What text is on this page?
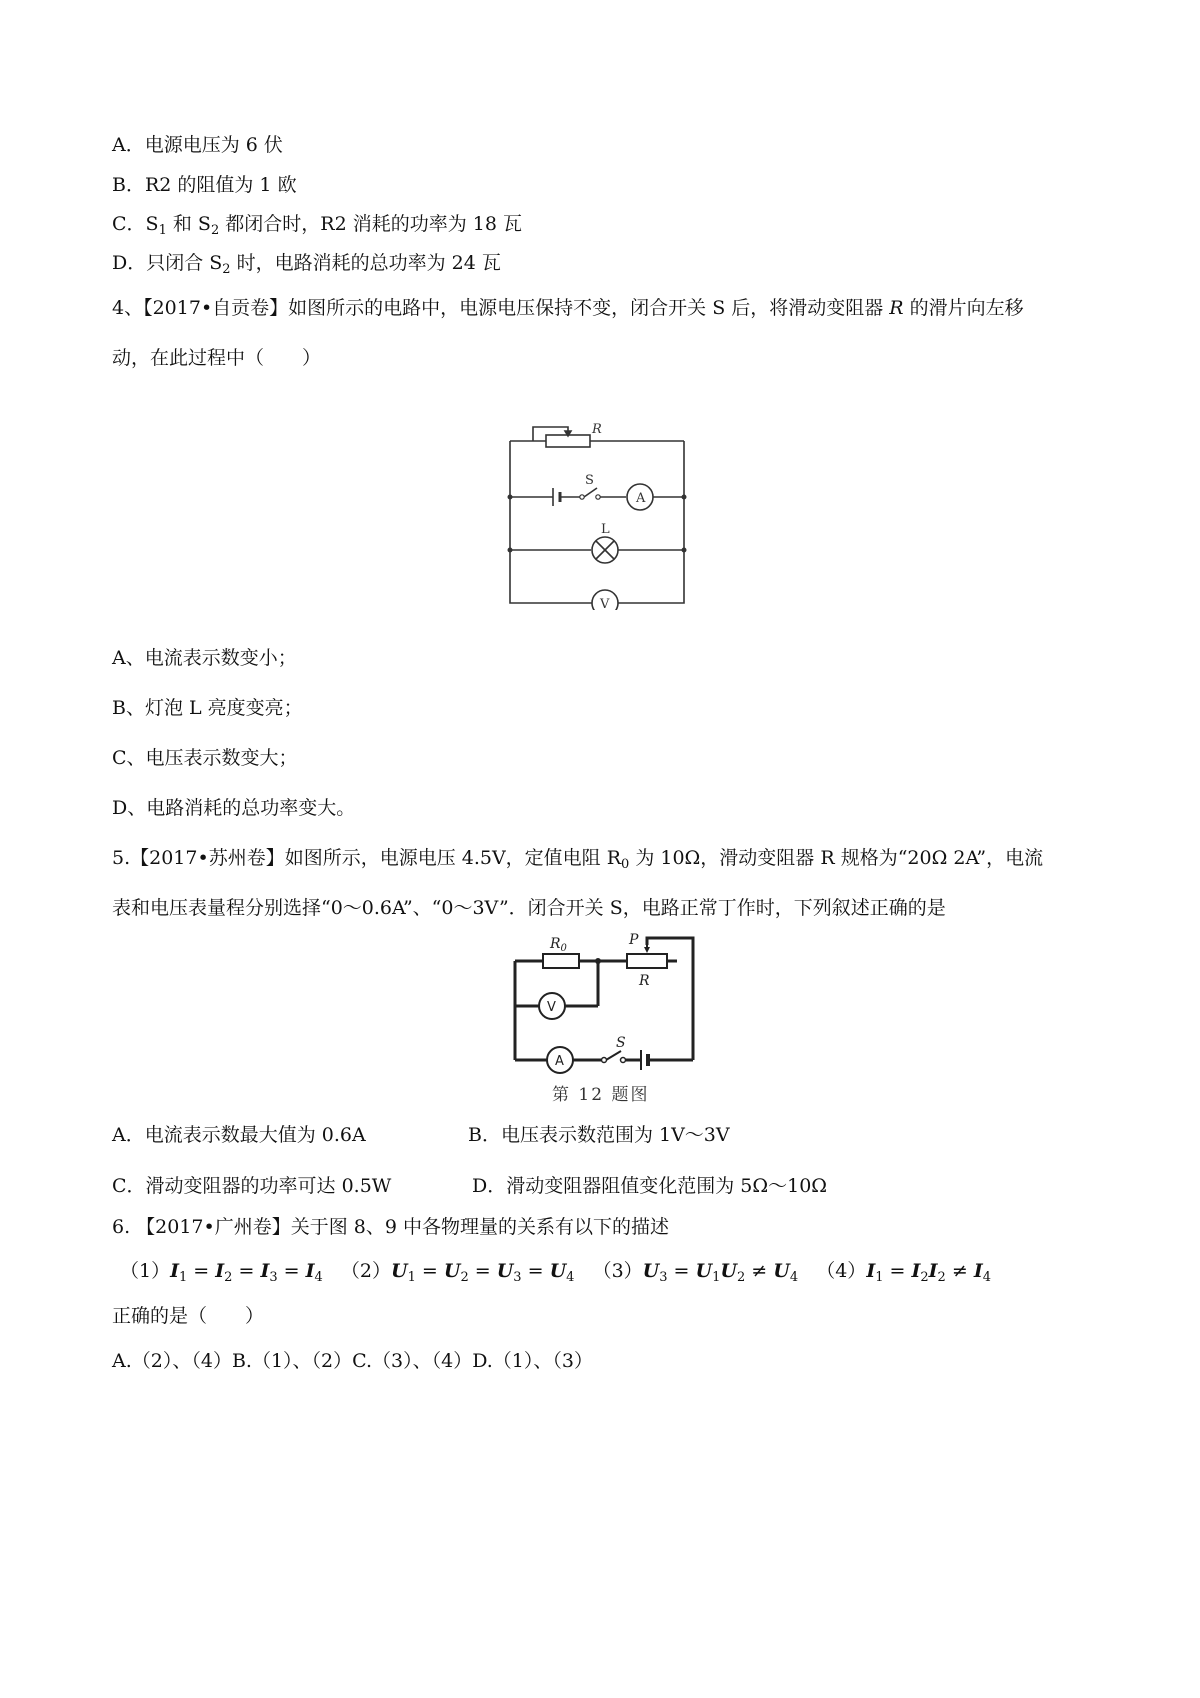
A．电源电压为 6 伏
B．R2 的阻值为 1 欧
C．$S_1$ 和 $S_2$ 都闭合时，R2 消耗的功率为 18 瓦
D．只闭合 $S_2$ 时，电路消耗的总功率为 24 瓦
4、【2017•自贡卷】如图所示的电路中，电源电压保持不变，闭合开关 S 后，将滑动变阻器 R 的滑片向左移
动，在此过程中（　　）
R
S
A
L
V
A、电流表示数变小；
B、灯泡 L 亮度变亮；
C、电压表示数变大；
D、电路消耗的总功率变大。
5.【2017•苏州卷】如图所示，电源电压 4.5V，定值电阻 $R_0$ 为 10Ω，滑动变阻器 R 规格为“20Ω 2A”，电流
表和电压表量程分别选择“0～0.6A”、“0～3V”．闭合开关 S，电路正常丁作时，下列叙述正确的是
$R_0$
P
R
S
V
A
第 12 题图
A．电流表示数最大值为 0.6A	B．电压表示数范围为 1V～3V
C．滑动变阻器的功率可达 0.5W	D．滑动变阻器阻值变化范围为 5Ω～10Ω
6. 【2017•广州卷】关于图 8、9 中各物理量的关系有以下的描述
$(1)I_1 = I_2 = I_3 = I_4$ $(2)U_1 = U_2 = U_3 = U_4$ $(3)U_3 = U_1U_2 \ne U_4$ $(4)I_1 = I_2I_2 \ne I_4$
正确的是（　　）
A.（2）、（4）B.（1）、（2）C.（3）、（4）D.（1）、（3）
